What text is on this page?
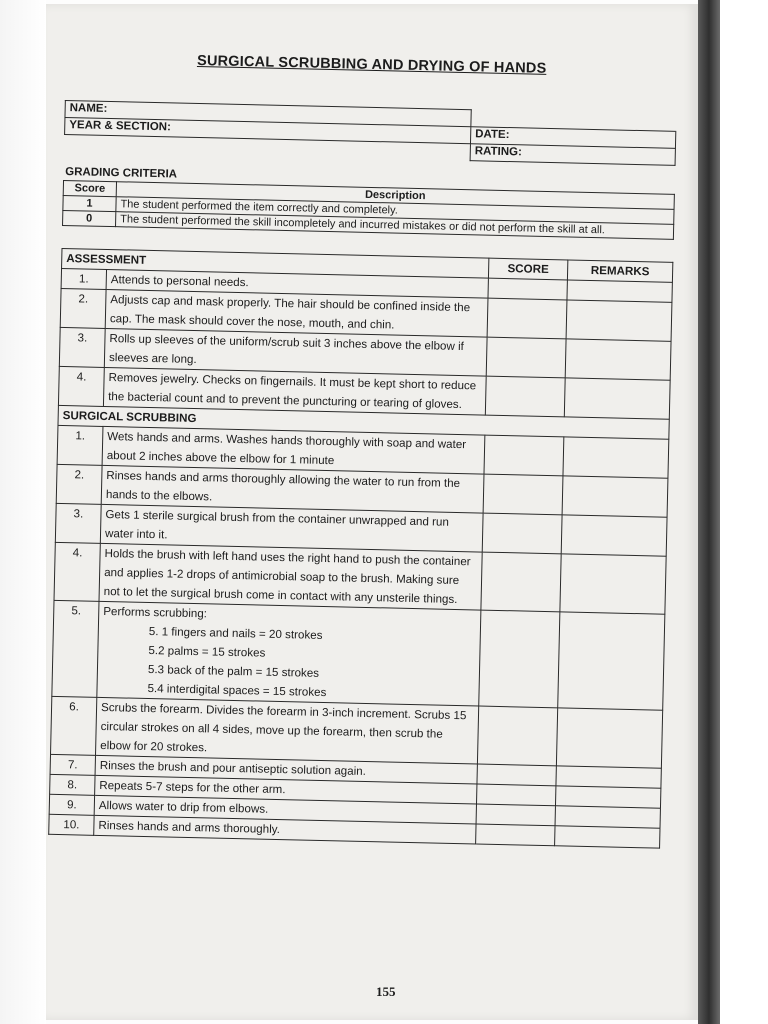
SURGICAL SCRUBBING AND DRYING OF HANDS
NAME:	
YEAR & SECTION:	DATE:
	RATING:
GRADING CRITERIA
Score	Description
1	The student performed the item correctly and completely.
0	The student performed the skill incompletely and incurred mistakes or did not perform the skill at all.
ASSESSMENT		SCORE	REMARKS
1.	Attends to personal needs.		
2.	Adjusts cap and mask properly. The hair should be confined inside the cap. The mask should cover the nose, mouth, and chin.		
3.	Rolls up sleeves of the uniform/scrub suit 3 inches above the elbow if sleeves are long.		
4.	Removes jewelry. Checks on fingernails. It must be kept short to reduce the bacterial count and to prevent the puncturing or tearing of gloves.		
SURGICAL SCRUBBING			
1.	Wets hands and arms. Washes hands thoroughly with soap and water about 2 inches above the elbow for 1 minute		
2.	Rinses hands and arms thoroughly allowing the water to run from the hands to the elbows.		
3.	Gets 1 sterile surgical brush from the container unwrapped and run water into it.		
4.	Holds the brush with left hand uses the right hand to push the container and applies 1-2 drops of antimicrobial soap to the brush. Making sure not to let the surgical brush come in contact with any unsterile things.		
5.	Performs scrubbing:
5. 1 fingers and nails = 20 strokes
5.2 palms = 15 strokes
5.3 back of the palm = 15 strokes
5.4 interdigital spaces = 15 strokes		

6.	Scrubs the forearm. Divides the forearm in 3-inch increment. Scrubs 15 circular strokes on all 4 sides, move up the forearm, then scrub the elbow for 20 strokes.		
7.	Rinses the brush and pour antiseptic solution again.		
8.	Repeats 5-7 steps for the other arm.		
9.	Allows water to drip from elbows.		
10.	Rinses hands and arms thoroughly.		
155
